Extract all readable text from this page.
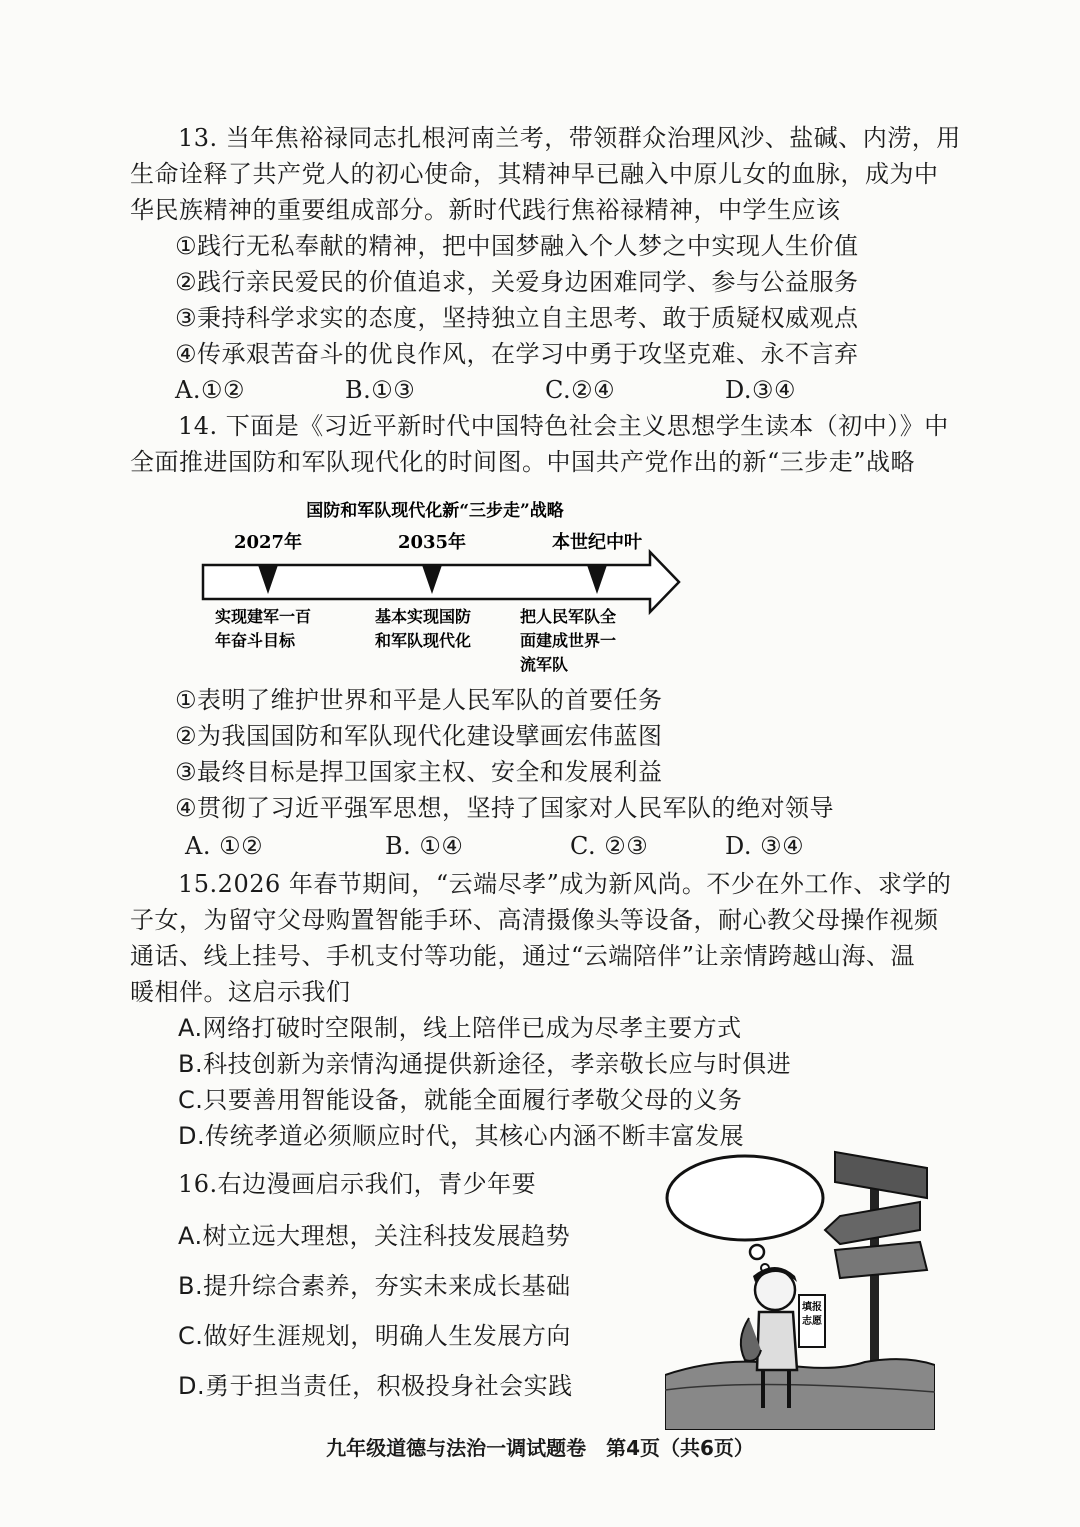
13. 当年焦裕禄同志扎根河南兰考，带领群众治理风沙、盐碱、内涝，用
生命诠释了共产党人的初心使命，其精神早已融入中原儿女的血脉，成为中
华民族精神的重要组成部分。新时代践行焦裕禄精神，中学生应该
①践行无私奉献的精神，把中国梦融入个人梦之中实现人生价值
②践行亲民爱民的价值追求，关爱身边困难同学、参与公益服务
③秉持科学求实的态度，坚持独立自主思考、敢于质疑权威观点
④传承艰苦奋斗的优良作风，在学习中勇于攻坚克难、永不言弃
A.①②	B.①③	C.②④	D.③④
14. 下面是《习近平新时代中国特色社会主义思想学生读本（初中）》中
全面推进国防和军队现代化的时间图。中国共产党作出的新“三步走”战略
国防和军队现代化新“三步走”战略
2027年	2035年	本世纪中叶
实现建军一百
年奋斗目标
基本实现国防
和军队现代化
把人民军队全
面建成世界一
流军队
①表明了维护世界和平是人民军队的首要任务
②为我国国防和军队现代化建设擘画宏伟蓝图
③最终目标是捍卫国家主权、安全和发展利益
④贯彻了习近平强军思想，坚持了国家对人民军队的绝对领导
A. ①②	B. ①④	C. ②③	D. ③④
15.2026 年春节期间，“云端尽孝”成为新风尚。不少在外工作、求学的
子女，为留守父母购置智能手环、高清摄像头等设备，耐心教父母操作视频
通话、线上挂号、手机支付等功能，通过“云端陪伴”让亲情跨越山海、温
暖相伴。这启示我们
A.网络打破时空限制，线上陪伴已成为尽孝主要方式
B.科技创新为亲情沟通提供新途径，孝亲敬长应与时俱进
C.只要善用智能设备，就能全面履行孝敬父母的义务
D.传统孝道必须顺应时代，其核心内涵不断丰富发展
16.右边漫画启示我们，青少年要
A.树立远大理想，关注科技发展趋势
B.提升综合素养，夯实未来成长基础
C.做好生涯规划，明确人生发展方向
D.勇于担当责任，积极投身社会实践
填报志愿
九年级道德与法治一调试题卷　第4页（共6页）
